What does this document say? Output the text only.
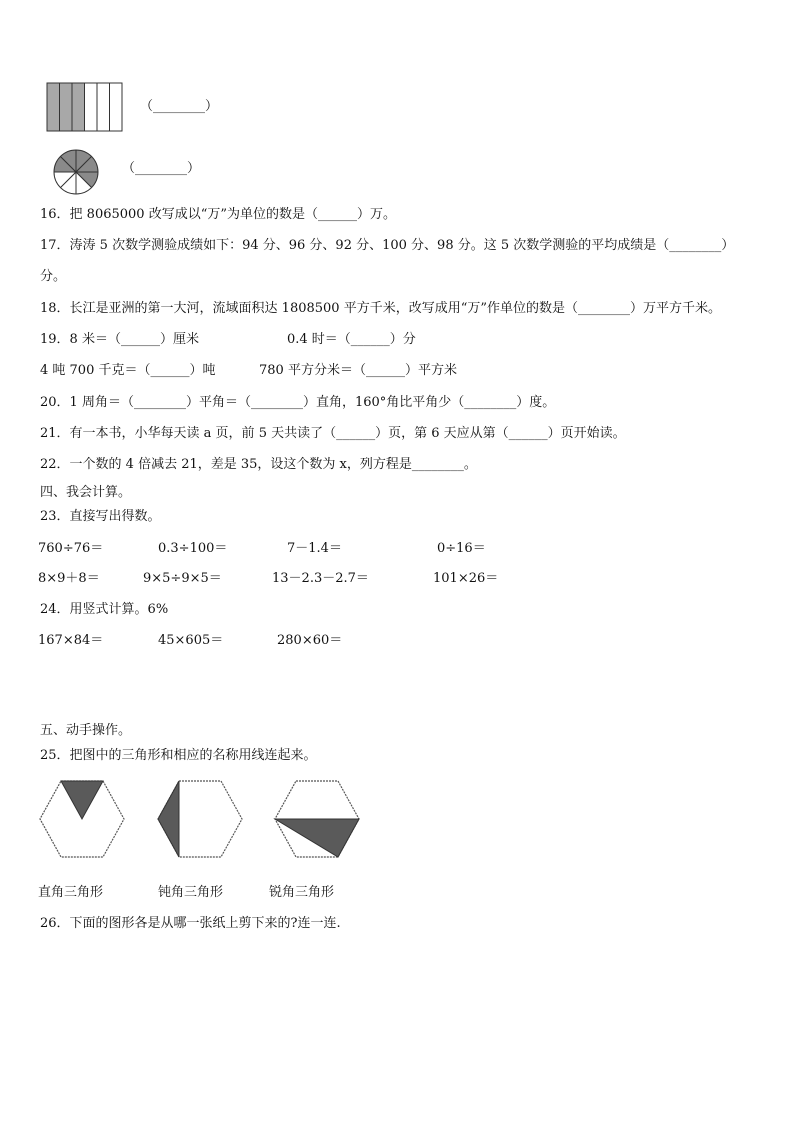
（________）
（________）
16．把 8065000 改写成以“万”为单位的数是（______）万。
17．涛涛 5 次数学测验成绩如下：94 分、96 分、92 分、100 分、98 分。这 5 次数学测验的平均成绩是（________）
分。
18．长江是亚洲的第一大河，流域面积达 1808500 平方千米，改写成用“万”作单位的数是（________）万平方千米。
19．8 米＝（______）厘米	0.4 时＝（______）分
4 吨 700 千克＝（______）吨	780 平方分米＝（______）平方米
20．1 周角＝（________）平角＝（________）直角，160°角比平角少（________）度。
21．有一本书，小华每天读 a 页，前 5 天共读了（______）页，第 6 天应从第（______）页开始读。
22．一个数的 4 倍减去 21，差是 35，设这个数为 x，列方程是________。
四、我会计算。
23．直接写出得数。
760÷76＝	0.3÷100＝	7－1.4＝	0÷16＝
8×9＋8＝	9×5÷9×5＝	13－2.3－2.7＝	101×26＝
24．用竖式计算。6%
167×84＝	45×605＝	280×60＝
五、动手操作。
25．把图中的三角形和相应的名称用线连起来。
直角三角形	钝角三角形	锐角三角形
26．下面的图形各是从哪一张纸上剪下来的?连一连.
